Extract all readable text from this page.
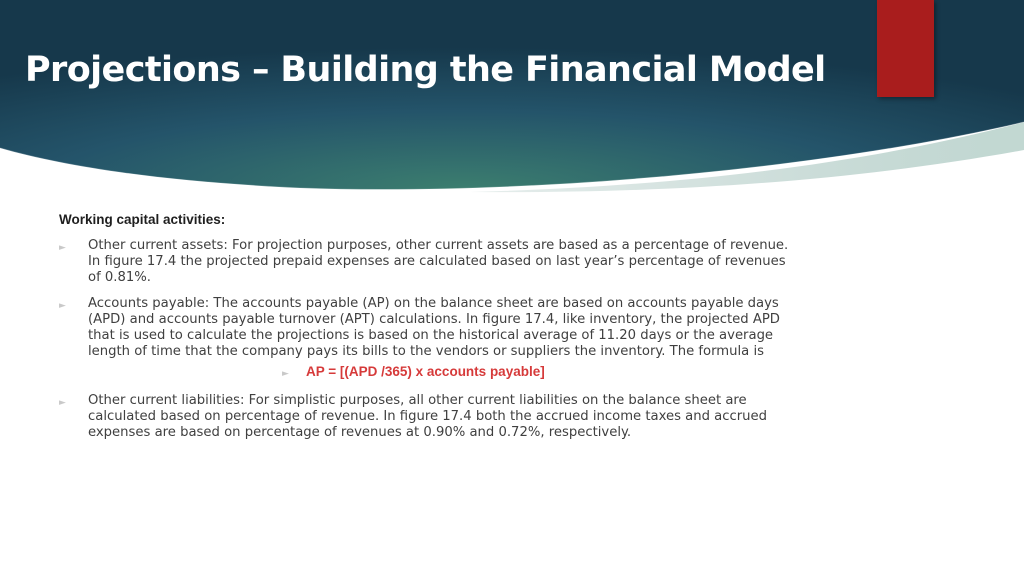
Projections – Building the Financial Model
Working capital activities:
► Other current assets: For projection purposes, other current assets are based as a percentage of revenue. In figure 17.4 the projected prepaid expenses are calculated based on last year’s percentage of revenues of 0.81%.
► Accounts payable: The accounts payable (AP) on the balance sheet are based on accounts payable days (APD) and accounts payable turnover (APT) calculations. In figure 17.4, like inventory, the projected APD that is used to calculate the projections is based on the historical average of 11.20 days or the average length of time that the company pays its bills to the vendors or suppliers the inventory. The formula is
► AP = [(APD /365) x accounts payable]
► Other current liabilities: For simplistic purposes, all other current liabilities on the balance sheet are calculated based on percentage of revenue. In figure 17.4 both the accrued income taxes and accrued expenses are based on percentage of revenues at 0.90% and 0.72%, respectively.
